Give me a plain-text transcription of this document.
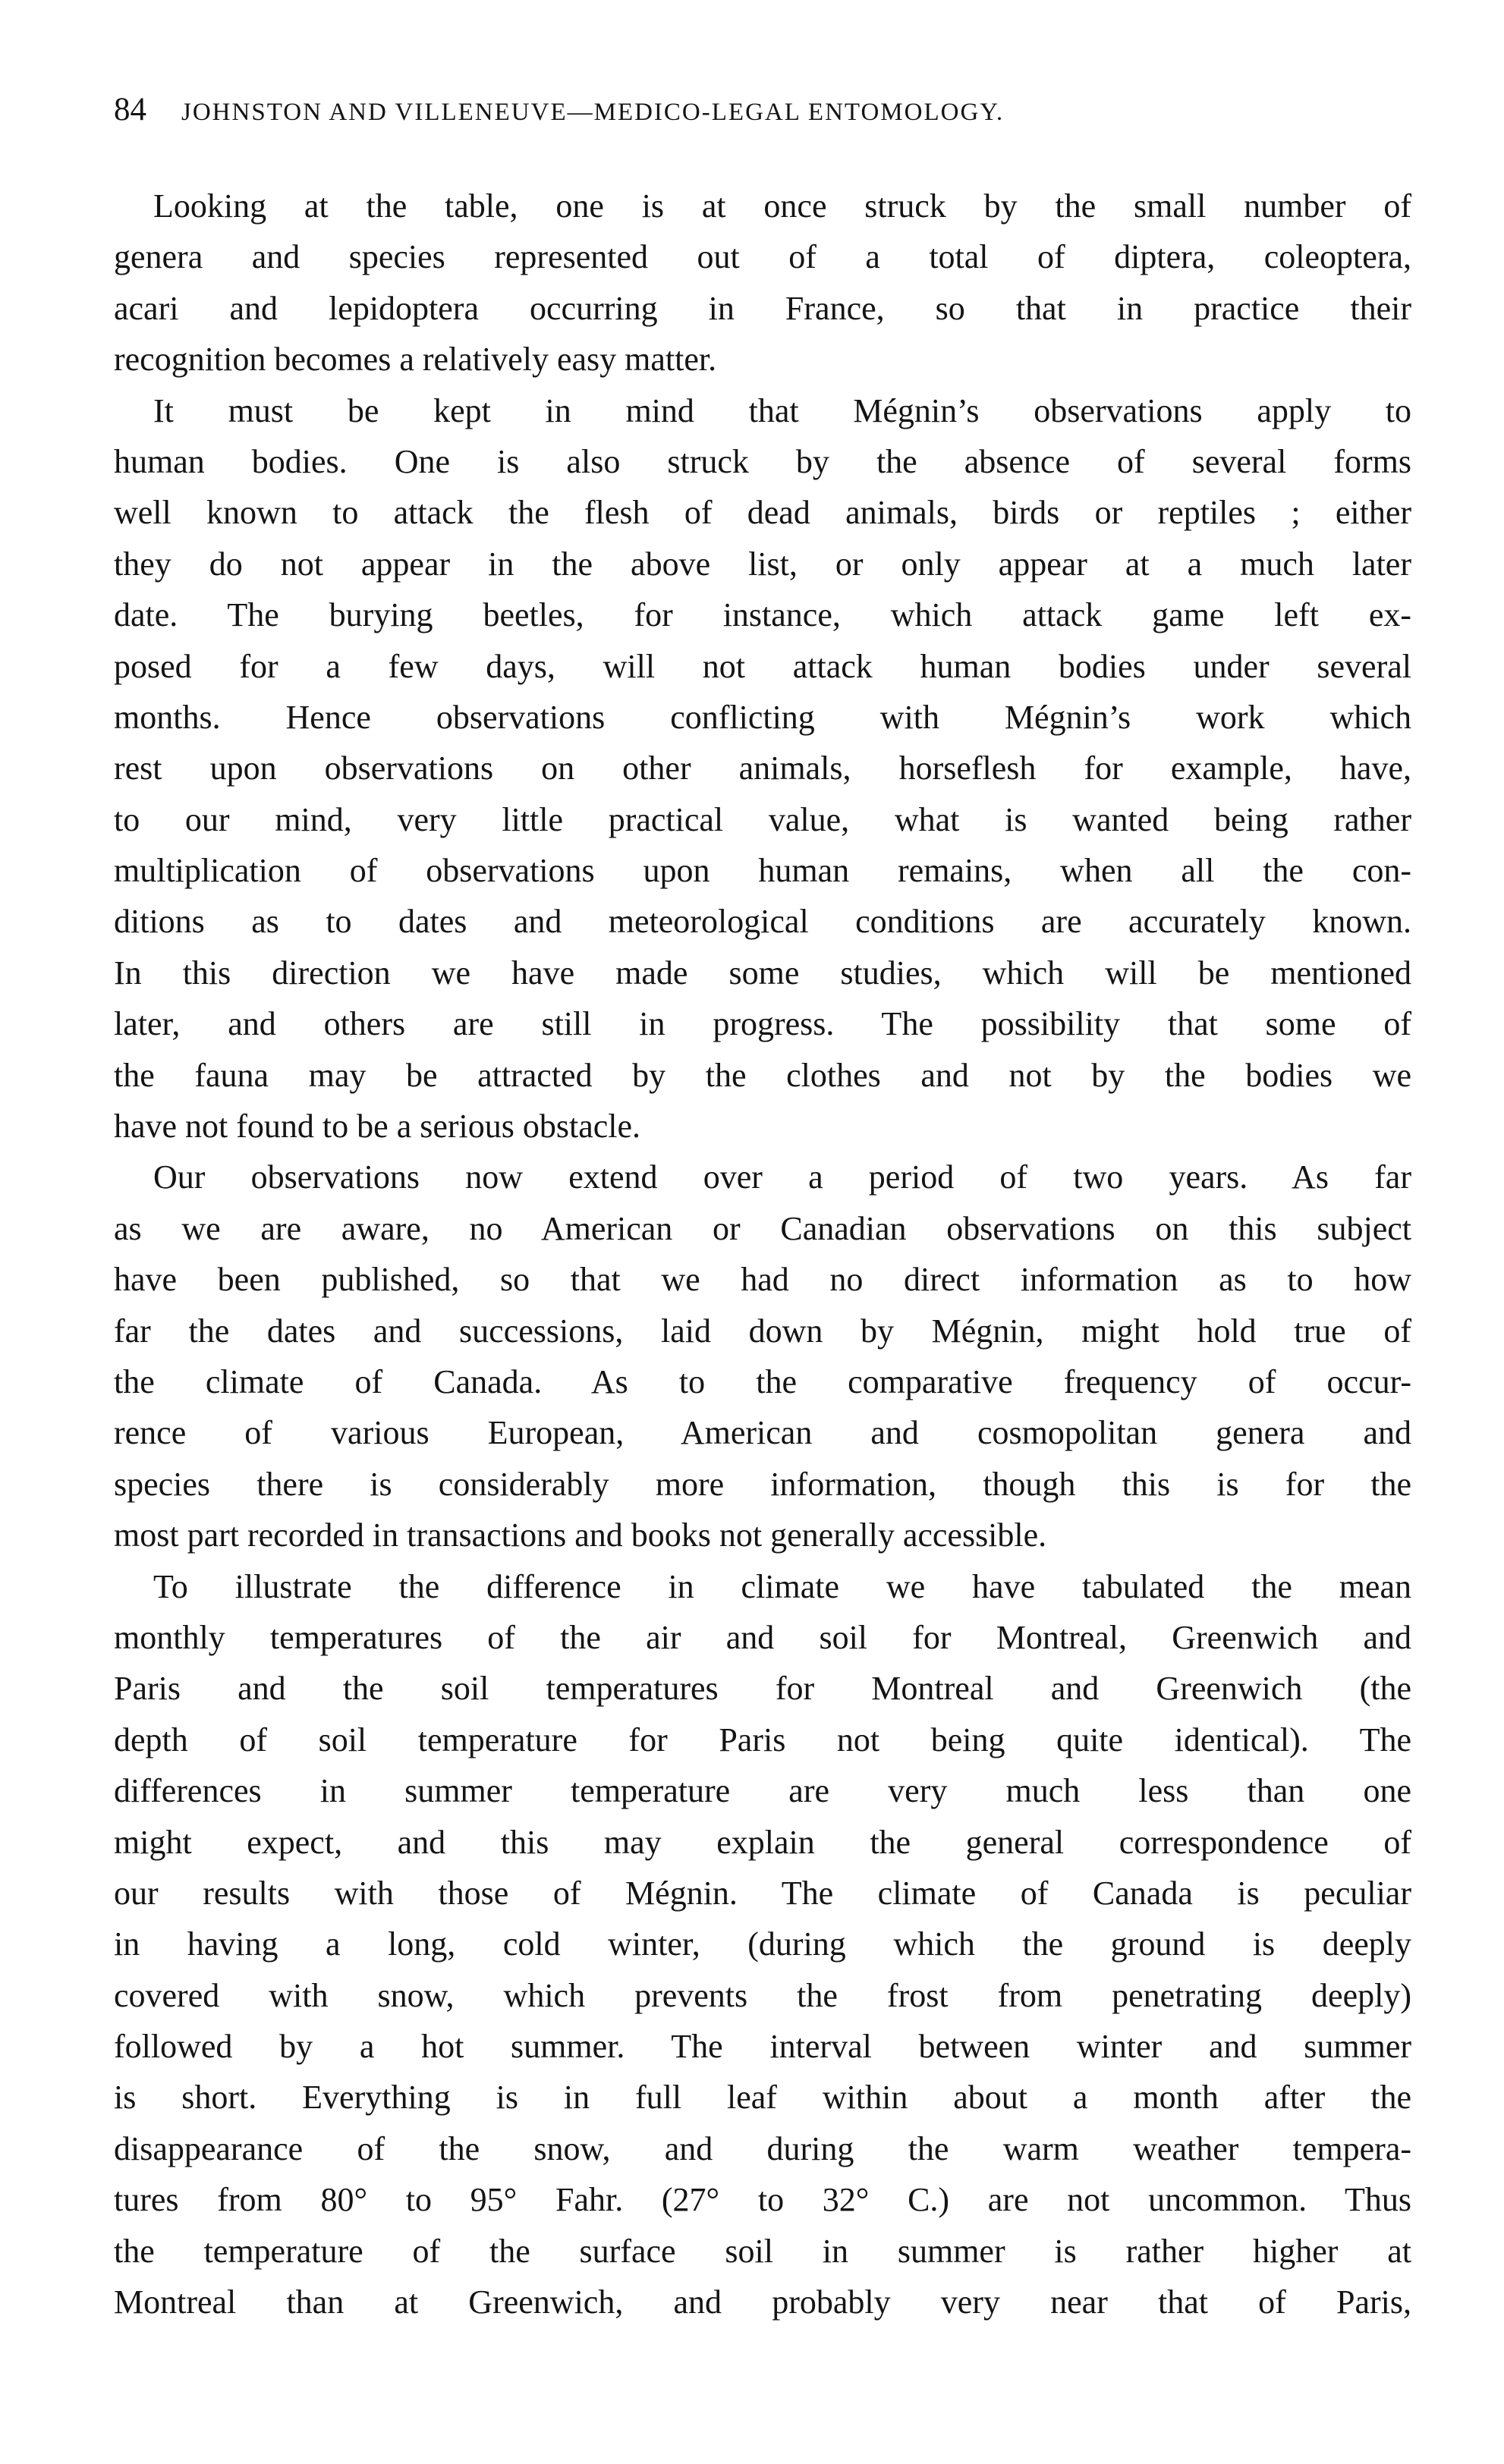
84 JOHNSTON AND VILLENEUVE—MEDICO-LEGAL ENTOMOLOGY.
Looking at the table, one is at once struck by the small number of
genera and species represented out of a total of diptera, coleoptera,
acari and lepidoptera occurring in France, so that in practice their
recognition becomes a relatively easy matter.
It must be kept in mind that Mégnin’s observations apply to
human bodies. One is also struck by the absence of several forms
well known to attack the flesh of dead animals, birds or reptiles ; either
they do not appear in the above list, or only appear at a much later
date. The burying beetles, for instance, which attack game left ex-
posed for a few days, will not attack human bodies under several
months. Hence observations conflicting with Mégnin’s work which
rest upon observations on other animals, horseflesh for example, have,
to our mind, very little practical value, what is wanted being rather
multiplication of observations upon human remains, when all the con-
ditions as to dates and meteorological conditions are accurately known.
In this direction we have made some studies, which will be mentioned
later, and others are still in progress. The possibility that some of
the fauna may be attracted by the clothes and not by the bodies we
have not found to be a serious obstacle.
Our observations now extend over a period of two years. As far
as we are aware, no American or Canadian observations on this subject
have been published, so that we had no direct information as to how
far the dates and successions, laid down by Mégnin, might hold true of
the climate of Canada. As to the comparative frequency of occur-
rence of various European, American and cosmopolitan genera and
species there is considerably more information, though this is for the
most part recorded in transactions and books not generally accessible.
To illustrate the difference in climate we have tabulated the mean
monthly temperatures of the air and soil for Montreal, Greenwich and
Paris and the soil temperatures for Montreal and Greenwich (the
depth of soil temperature for Paris not being quite identical). The
differences in summer temperature are very much less than one
might expect, and this may explain the general correspondence of
our results with those of Mégnin. The climate of Canada is peculiar
in having a long, cold winter, (during which the ground is deeply
covered with snow, which prevents the frost from penetrating deeply)
followed by a hot summer. The interval between winter and summer
is short. Everything is in full leaf within about a month after the
disappearance of the snow, and during the warm weather tempera-
tures from 80° to 95° Fahr. (27° to 32° C.) are not uncommon. Thus
the temperature of the surface soil in summer is rather higher at
Montreal than at Greenwich, and probably very near that of Paris,
